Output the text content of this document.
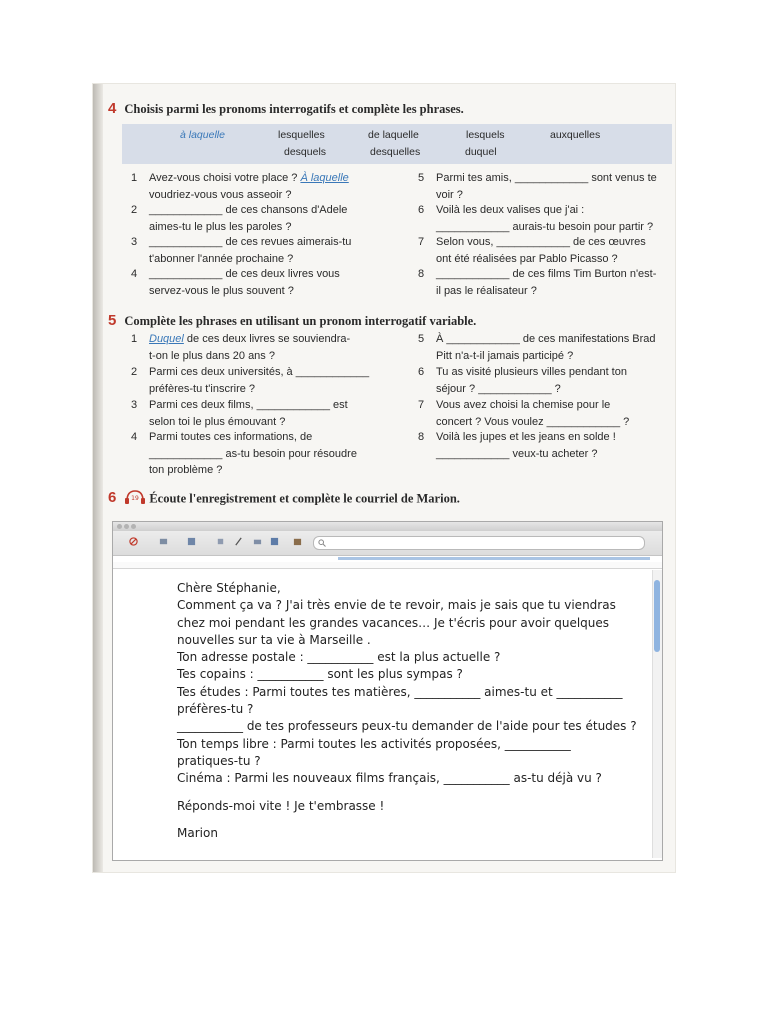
4 Choisis parmi les pronoms interrogatifs et complète les phrases.
à laquelle	lesquelles	de laquelle	lesquels	auxquelles
desquels	desquelles	duquel
1 Avez-vous choisi votre place ? À laquelle
voudriez-vous vous asseoir ?
2 ____________ de ces chansons d'Adele
aimes-tu le plus les paroles ?
3 ____________ de ces revues aimerais-tu
t'abonner l'année prochaine ?
4 ____________ de ces deux livres vous
servez-vous le plus souvent ?
5 Parmi tes amis, ____________ sont venus te
voir ?
6 Voilà les deux valises que j'ai :
____________ aurais-tu besoin pour partir ?
7 Selon vous, ____________ de ces œuvres
ont été réalisées par Pablo Picasso ?
8 ____________ de ces films Tim Burton n'est-
il pas le réalisateur ?
5 Complète les phrases en utilisant un pronom interrogatif variable.
1 Duquel de ces deux livres se souviendra-
t-on le plus dans 20 ans ?
2 Parmi ces deux universités, à ____________
préfères-tu t'inscrire ?
3 Parmi ces deux films, ____________ est
selon toi le plus émouvant ?
4 Parmi toutes ces informations, de
____________ as-tu besoin pour résoudre
ton problème ?
5 À ____________ de ces manifestations Brad
Pitt n'a-t-il jamais participé ?
6 Tu as visité plusieurs villes pendant ton
séjour ? ____________ ?
7 Vous avez choisi la chemise pour le
concert ? Vous voulez ____________ ?
8 Voilà les jupes et les jeans en solde !
____________ veux-tu acheter ?
6	19 Écoute l'enregistrement et complète le courriel de Marion.

Chère Stéphanie,

Comment ça va ? J'ai très envie de te revoir, mais je sais que tu viendras

chez moi pendant les grandes vacances… Je t'écris pour avoir quelques

nouvelles sur ta vie à Marseille .

Ton adresse postale : ___________ est la plus actuelle ?

Tes copains : ___________ sont les plus sympas ?

Tes études : Parmi toutes tes matières, ___________ aimes-tu et ___________

préfères-tu ?

___________ de tes professeurs peux-tu demander de l'aide pour tes études ?

Ton temps libre : Parmi toutes les activités proposées, ___________

pratiques-tu ?

Cinéma : Parmi les nouveaux films français, ___________ as-tu déjà vu ?

Réponds-moi vite ! Je t'embrasse !

Marion
